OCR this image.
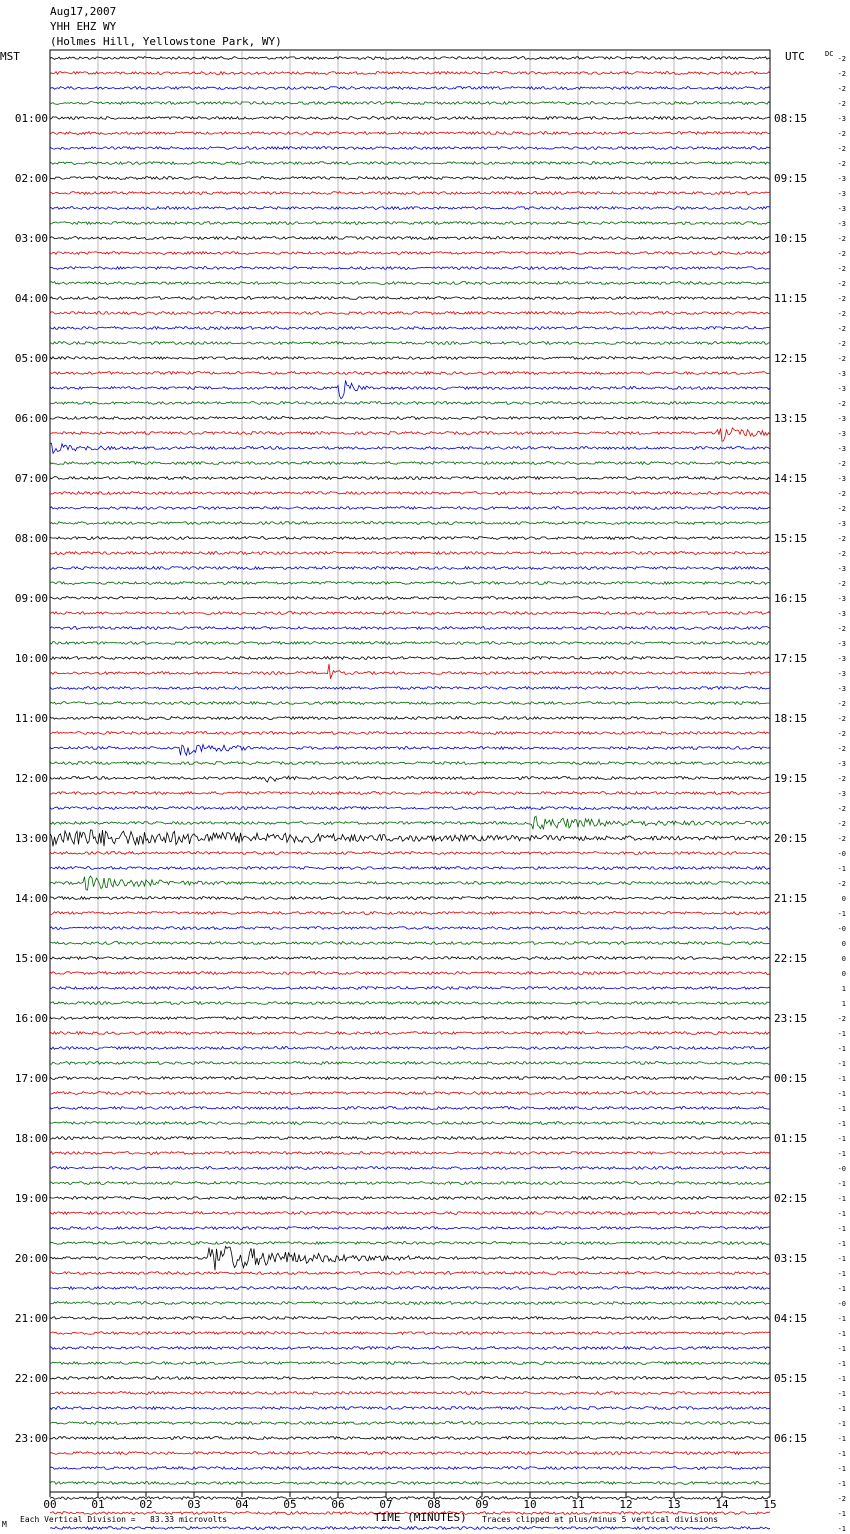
Aug17,2007
YHH EHZ WY
(Holmes Hill, Yellowstone Park, WY)
MST	UTC	DC
-2
-2
-2
-2
-3
-2
-2
-2
-3
-3
-3
-3
-2
-2
-2
-2
-2
-2
-2
-2
-2
-3
-3
-2
-3
-3
-3
-2
-3
-2
-2
-3
-2
-2
-3
-2
-3
-3
-2
-3
-3
-3
-3
-2
-2
-2
-2
-3
-2
-3
-2
-2
-2
-0
-1
-2
0
-1
-0
0
0
0
1
1
-2
-1
-1
-1
-1
-1
-1
-1
-1
-1
-0
-1
-1
-1
-1
-1
-1
-1
-1
-0
-1
-1
-1
-1
-1
-1
-1
-1
-1
-1
-1
-1
-2
-1
-1
01:00
02:00
03:00
04:00
05:00
06:00
07:00
08:00
09:00
10:00
11:00
12:00
13:00
14:00
15:00
16:00
17:00
18:00
19:00
20:00
21:00
22:00
23:00
08:15
09:15
10:15
11:15
12:15
13:15
14:15
15:15
16:15
17:15
18:15
19:15
20:15
21:15
22:15
23:15
00:15
01:15
02:15
03:15
04:15
05:15
06:15
00	01	02	03	04	05	06	07	08	09	10	11	12	13	14	15
M
Each Vertical Division =   83.33 microvolts	TIME (MINUTES) Traces clipped at plus/minus 5 vertical divisions
